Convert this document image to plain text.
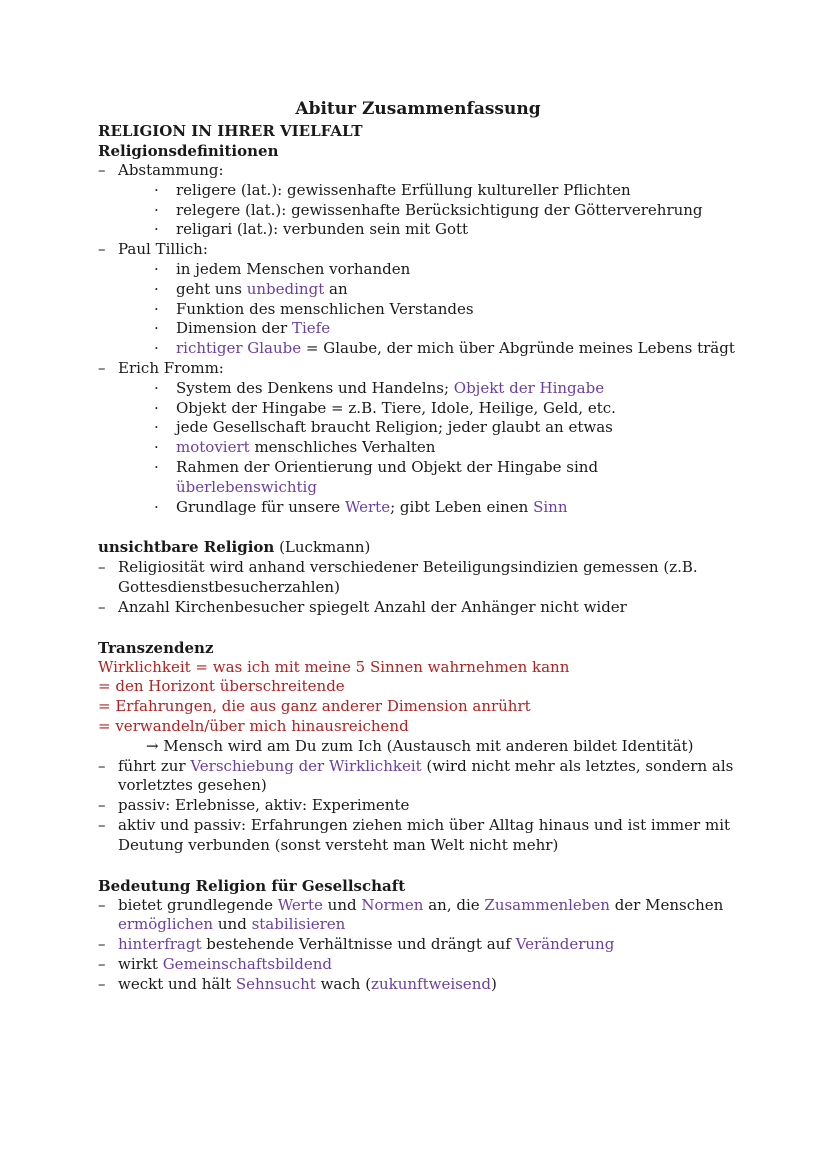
Abitur Zusammenfassung
RELIGION IN IHRER VIELFALT
Religionsdefinitionen
– Abstammung:
·	religere (lat.): gewissenhafte Erfüllung kultureller Pflichten
·	relegere (lat.): gewissenhafte Berücksichtigung der Götterverehrung
·	religari (lat.): verbunden sein mit Gott
– Paul Tillich:
·	in jedem Menschen vorhanden
·	geht uns unbedingt an
·	Funktion des menschlichen Verstandes
·	Dimension der Tiefe
·	richtiger Glaube = Glaube, der mich über Abgründe meines Lebens trägt
– Erich Fromm:
·	System des Denkens und Handelns; Objekt der Hingabe
·	Objekt der Hingabe = z.B. Tiere, Idole, Heilige, Geld, etc.
·	jede Gesellschaft braucht Religion; jeder glaubt an etwas
·	motoviert menschliches Verhalten
·	Rahmen der Orientierung und Objekt der Hingabe sind überlebenswichtig
·	Grundlage für unsere Werte; gibt Leben einen Sinn
unsichtbare Religion (Luckmann)
– Religiosität wird anhand verschiedener Beteiligungsindizien gemessen (z.B. Gottesdienstbesucherzahlen)
– Anzahl Kirchenbesucher spiegelt Anzahl der Anhänger nicht wider
Transzendenz
Wirklichkeit = was ich mit meine 5 Sinnen wahrnehmen kann
= den Horizont überschreitende
= Erfahrungen, die aus ganz anderer Dimension anrührt
= verwandeln/über mich hinausreichend
→ Mensch wird am Du zum Ich (Austausch mit anderen bildet Identität)
– führt zur Verschiebung der Wirklichkeit (wird nicht mehr als letztes, sondern als vorletztes gesehen)
– passiv: Erlebnisse, aktiv: Experimente
– aktiv und passiv: Erfahrungen ziehen mich über Alltag hinaus und ist immer mit Deutung verbunden (sonst versteht man Welt nicht mehr)
Bedeutung Religion für Gesellschaft
– bietet grundlegende Werte und Normen an, die Zusammenleben der Menschen ermöglichen und stabilisieren
– hinterfragt bestehende Verhältnisse und drängt auf Veränderung
– wirkt Gemeinschaftsbildend
– weckt und hält Sehnsucht wach (zukunftweisend)
